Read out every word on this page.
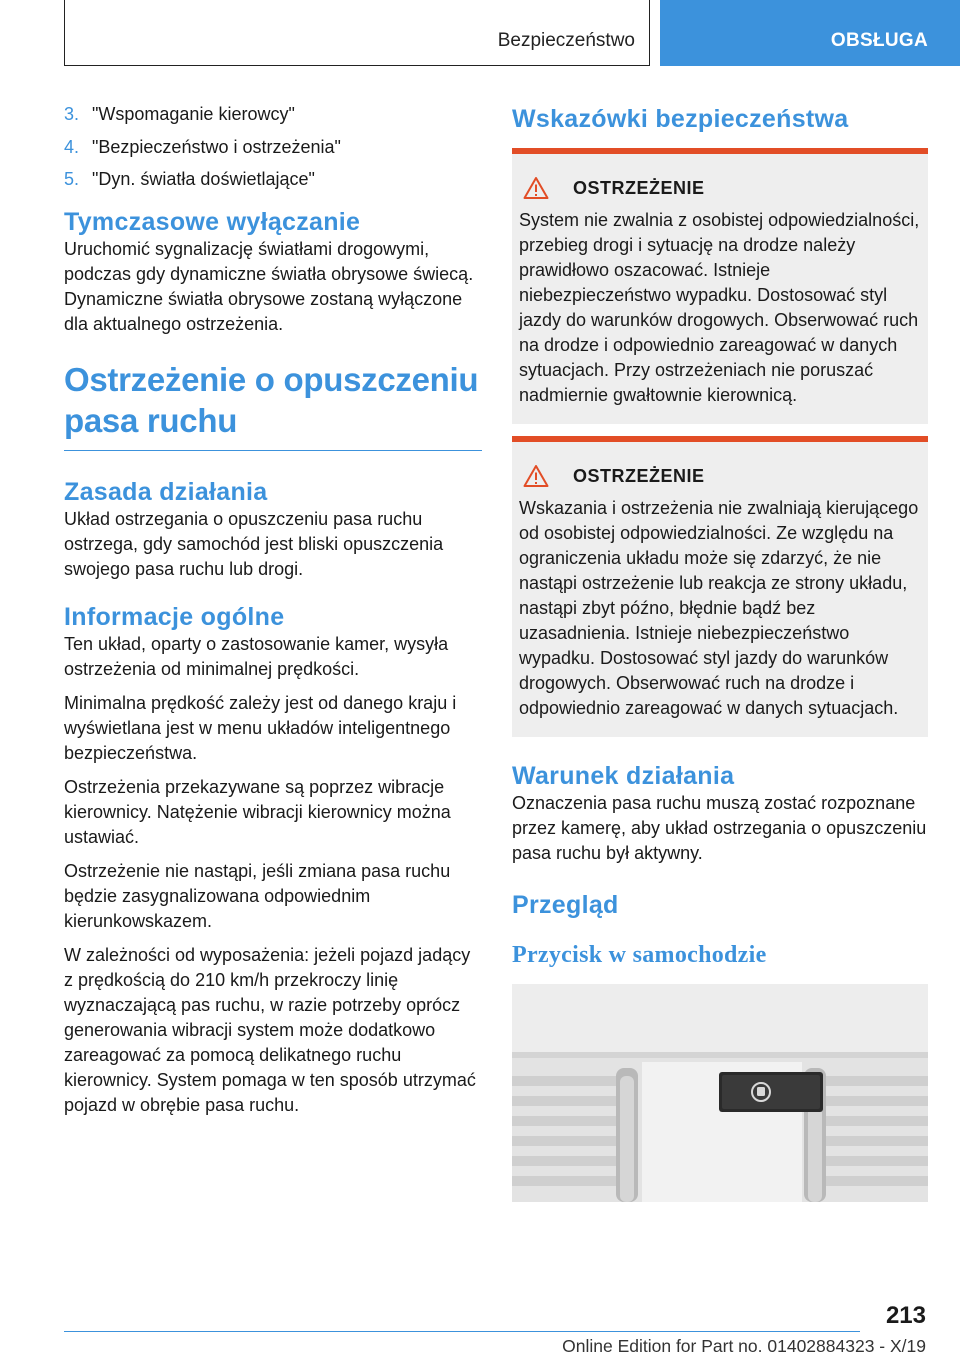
Bezpieczeństwo	OBSŁUGA
3. "Wspomaganie kierowcy"
4. "Bezpieczeństwo i ostrzeżenia"
5. "Dyn. światła doświetlające"
Tymczasowe wyłączanie

Uruchomić sygnalizację światłami drogowymi, podczas gdy dynamiczne światła obrysowe świecą. Dynamiczne światła obrysowe zostaną wyłączone dla aktualnego ostrzeżenia.

Ostrzeżenie o opuszczeniu pasa ruchu
Zasada działania

Układ ostrzegania o opuszczeniu pasa ruchu ostrzega, gdy samochód jest bliski opuszczenia swojego pasa ruchu lub drogi.

Informacje ogólne

Ten układ, oparty o zastosowanie kamer, wysyła ostrzeżenia od minimalnej prędkości.

Minimalna prędkość zależy jest od danego kraju i wyświetlana jest w menu układów inteligentnego bezpieczeństwa.

Ostrzeżenia przekazywane są poprzez wibracje kierownicy. Natężenie wibracji kierownicy można ustawiać.

Ostrzeżenie nie nastąpi, jeśli zmiana pasa ruchu będzie zasygnalizowana odpowiednim kierunkowskazem.

W zależności od wyposażenia: jeżeli pojazd jadący z prędkością do 210 km/h przekroczy linię wyznaczającą pas ruchu, w razie potrzeby oprócz generowania wibracji system może dodatkowo zareagować za pomocą delikatnego ruchu kierownicy. System pomaga w ten sposób utrzymać pojazd w obrębie pasa ruchu.

Wskazówki bezpieczeństwa
OSTRZEŻENIE

System nie zwalnia z osobistej odpowiedzialności, przebieg drogi i sytuację na drodze należy prawidłowo oszacować. Istnieje niebezpieczeństwo wypadku. Dostosować styl jazdy do warunków drogowych. Obserwować ruch na drodze i odpowiednio zareagować w danych sytuacjach. Przy ostrzeżeniach nie poruszać nadmiernie gwałtownie kierownicą.

OSTRZEŻENIE

Wskazania i ostrzeżenia nie zwalniają kierującego od osobistej odpowiedzialności. Ze względu na ograniczenia układu może się zdarzyć, że nie nastąpi ostrzeżenie lub reakcja ze strony układu, nastąpi zbyt późno, błędnie bądź bez uzasadnienia. Istnieje niebezpieczeństwo wypadku. Dostosować styl jazdy do warunków drogowych. Obserwować ruch na drodze i odpowiednio zareagować w danych sytuacjach.

Warunek działania

Oznaczenia pasa ruchu muszą zostać rozpoznane przez kamerę, aby układ ostrzegania o opuszczeniu pasa ruchu był aktywny.

Przegląd
Przycisk w samochodzie
213
Online Edition for Part no. 01402884323 - X/19
